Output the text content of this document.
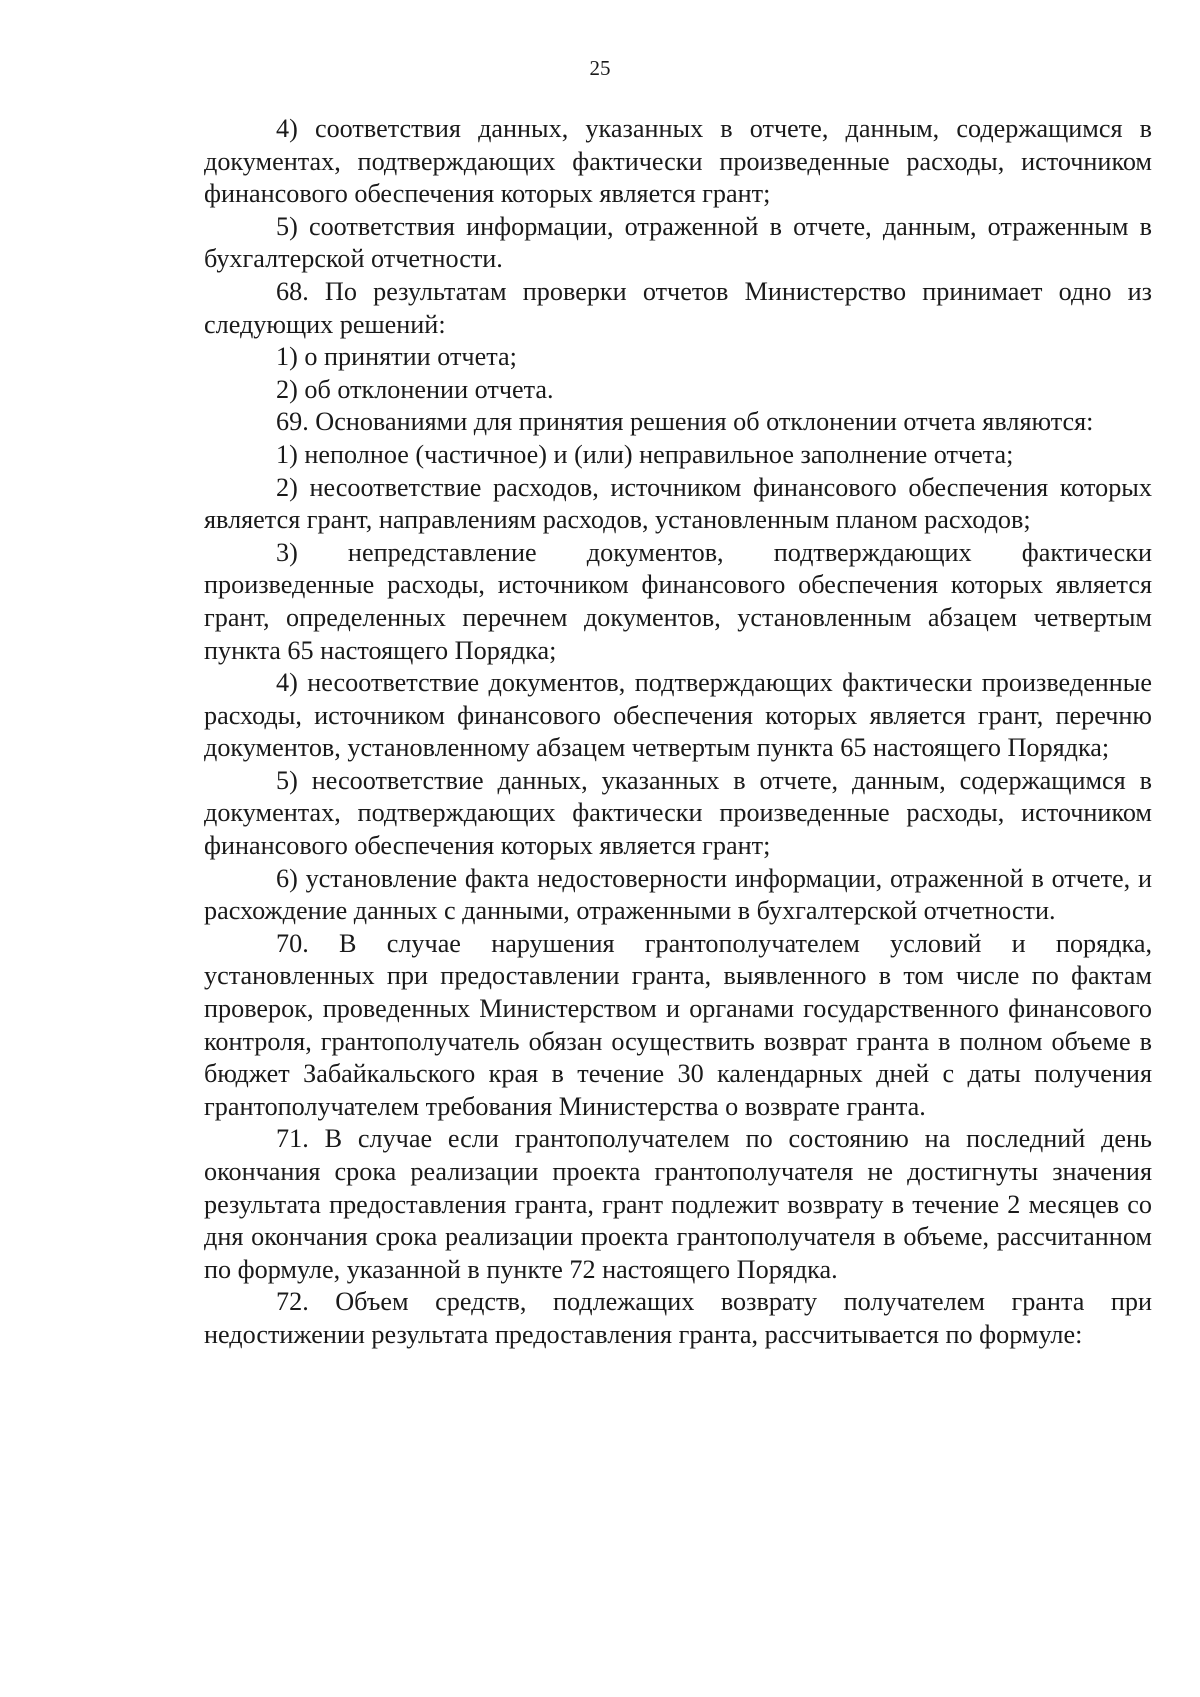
25

4) соответствия данных, указанных в отчете, данным, содержащимся в документах, подтверждающих фактически произведенные расходы, источником финансового обеспечения которых является грант;

5) соответствия информации, отраженной в отчете, данным, отраженным в бухгалтерской отчетности.

68. По результатам проверки отчетов Министерство принимает одно из следующих решений:

1) о принятии отчета;

2) об отклонении отчета.

69. Основаниями для принятия решения об отклонении отчета являются:

1) неполное (частичное) и (или) неправильное заполнение отчета;

2) несоответствие расходов, источником финансового обеспечения которых является грант, направлениям расходов, установленным планом расходов;

3) непредставление документов, подтверждающих фактически произведенные расходы, источником финансового обеспечения которых является грант, определенных перечнем документов, установленным абзацем четвертым пункта 65 настоящего Порядка;

4) несоответствие документов, подтверждающих фактически произведенные расходы, источником финансового обеспечения которых является грант, перечню документов, установленному абзацем четвертым пункта 65 настоящего Порядка;

5) несоответствие данных, указанных в отчете, данным, содержащимся в документах, подтверждающих фактически произведенные расходы, источником финансового обеспечения которых является грант;

6) установление факта недостоверности информации, отраженной в отчете, и расхождение данных с данными, отраженными в бухгалтерской отчетности.

70. В случае нарушения грантополучателем условий и порядка, установленных при предоставлении гранта, выявленного в том числе по фактам проверок, проведенных Министерством и органами государственного финансового контроля, грантополучатель обязан осуществить возврат гранта в полном объеме в бюджет Забайкальского края в течение 30 календарных дней с даты получения грантополучателем требования Министерства о возврате гранта.

71. В случае если грантополучателем по состоянию на последний день окончания срока реализации проекта грантополучателя не достигнуты значения результата предоставления гранта, грант подлежит возврату в течение 2 месяцев со дня окончания срока реализации проекта грантополучателя в объеме, рассчитанном по формуле, указанной в пункте 72 настоящего Порядка.

72. Объем средств, подлежащих возврату получателем гранта при недостижении результата предоставления гранта, рассчитывается по формуле:
